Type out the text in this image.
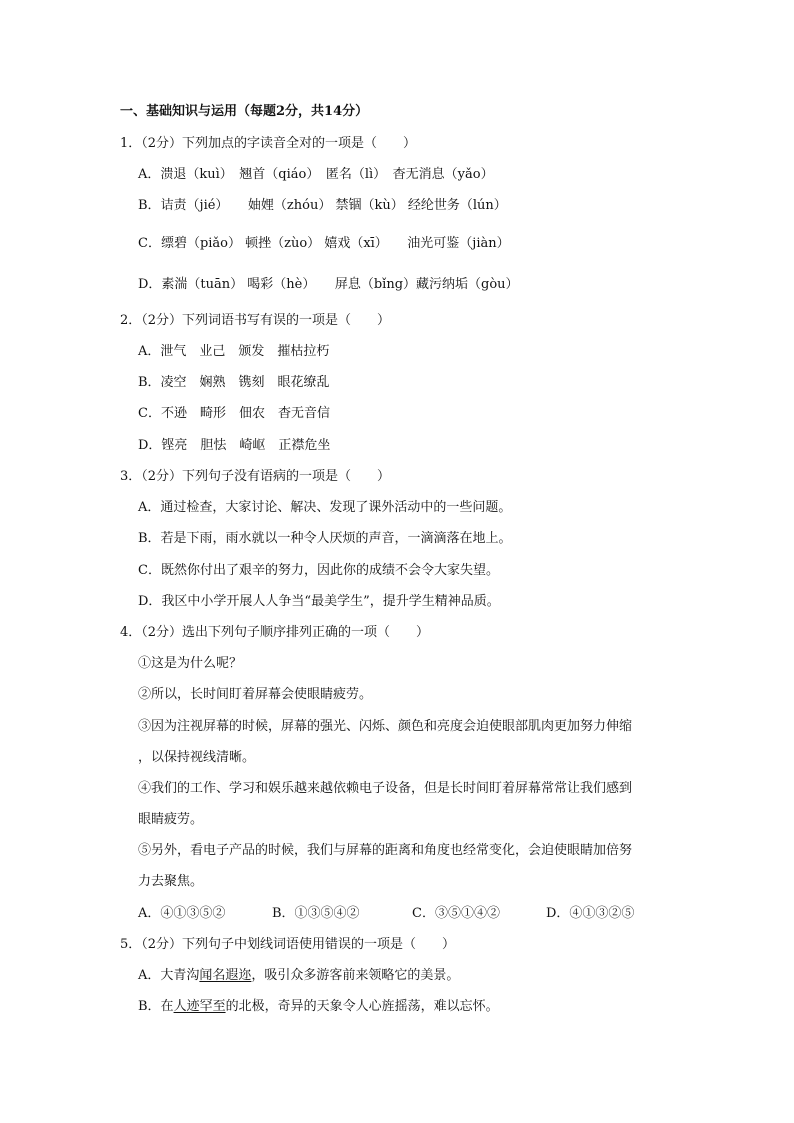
一、基础知识与运用（每题2分，共14分）
1．（2分）下列加点的字读音全对的一项是（　　）
A．溃退（kuì）　翘首（qiáo）　匿名（lì）　杳无消息（yǎo）
B．诘责（jié）　　妯娌（zhóu） 禁锢（kù） 经纶世务（lún）
C．缥碧（piǎo） 顿挫（zùo） 嬉戏（xī）　　油光可鉴（jiàn）
D．素湍（tuān） 喝彩（hè）　　屏息（bǐng）藏污纳垢（gòu）
2．（2分）下列词语书写有误的一项是（　　）
A．泄气　业己　颁发　摧枯拉朽
B．凌空　娴熟　镌刻　眼花缭乱
C．不逊　畸形　佃农　杳无音信
D．铿亮　胆怯　崎岖　正襟危坐
3．（2分）下列句子没有语病的一项是（　　）
A．通过检查，大家讨论、解决、发现了课外活动中的一些问题。
B．若是下雨，雨水就以一种令人厌烦的声音，一滴滴落在地上。
C．既然你付出了艰辛的努力，因此你的成绩不会令大家失望。
D．我区中小学开展人人争当“最美学生”，提升学生精神品质。
4．（2分）选出下列句子顺序排列正确的一项（　　）
①这是为什么呢？
②所以，长时间盯着屏幕会使眼睛疲劳。
③因为注视屏幕的时候，屏幕的强光、闪烁、颜色和亮度会迫使眼部肌肉更加努力伸缩
，以保持视线清晰。
④我们的工作、学习和娱乐越来越依赖电子设备，但是长时间盯着屏幕常常让我们感到
眼睛疲劳。
⑤另外，看电子产品的时候，我们与屏幕的距离和角度也经常变化，会迫使眼睛加倍努
力去聚焦。
A．④①③⑤②	B．①③⑤④②	C．③⑤①④②	D．④①③②⑤
5．（2分）下列句子中划线词语使用错误的一项是（　　）
A．大青沟闻名遐迩，吸引众多游客前来领略它的美景。
B．在人迹罕至的北极，奇异的天象令人心旌摇荡，难以忘怀。
